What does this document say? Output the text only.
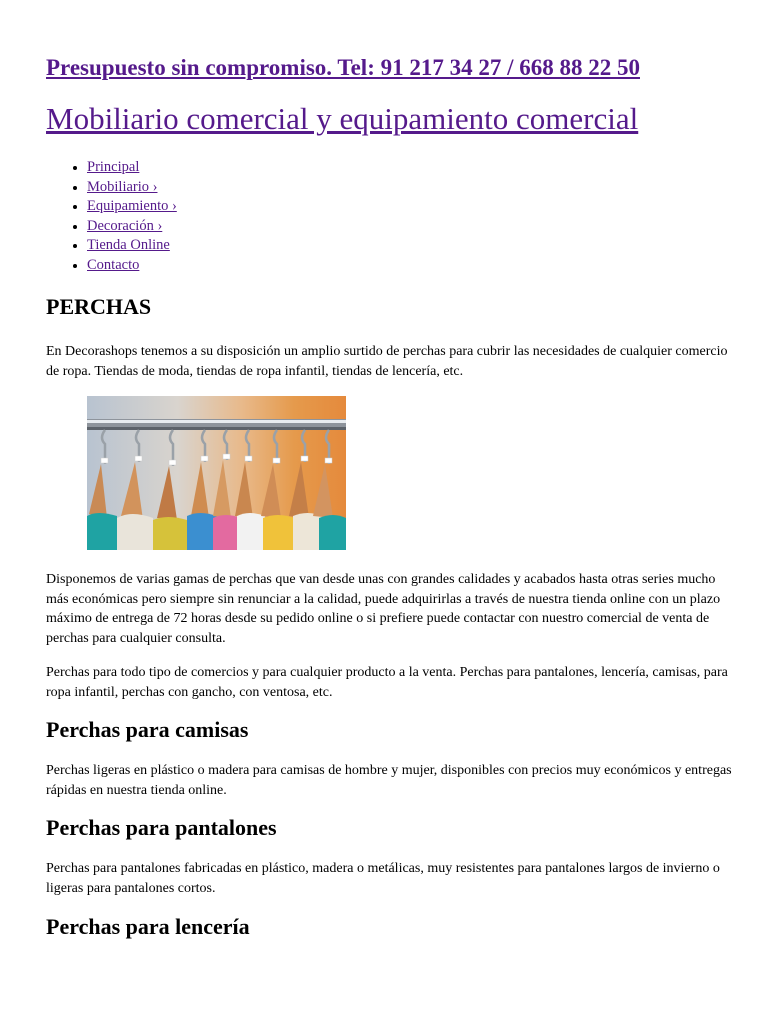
Presupuesto sin compromiso. Tel: 91 217 34 27 / 668 88 22 50
Mobiliario comercial y equipamiento comercial
• Principal
• Mobiliario ›
• Equipamiento ›
• Decoración ›
• Tienda Online
• Contacto
PERCHAS

En Decorashops tenemos a su disposición un amplio surtido de perchas para cubrir las necesidades de cualquier comercio de ropa. Tiendas de moda, tiendas de ropa infantil, tiendas de lencería, etc.

Disponemos de varias gamas de perchas que van desde unas con grandes calidades y acabados hasta otras series mucho más económicas pero siempre sin renunciar a la calidad, puede adquirirlas a través de nuestra tienda online con un plazo máximo de entrega de 72 horas desde su pedido online o si prefiere puede contactar con nuestro comercial de venta de perchas para cualquier consulta.

Perchas para todo tipo de comercios y para cualquier producto a la venta. Perchas para pantalones, lencería, camisas, para ropa infantil, perchas con gancho, con ventosa, etc.

Perchas para camisas

Perchas ligeras en plástico o madera para camisas de hombre y mujer, disponibles con precios muy económicos y entregas rápidas en nuestra tienda online.

Perchas para pantalones

Perchas para pantalones fabricadas en plástico, madera o metálicas, muy resistentes para pantalones largos de invierno o ligeras para pantalones cortos.

Perchas para lencería
